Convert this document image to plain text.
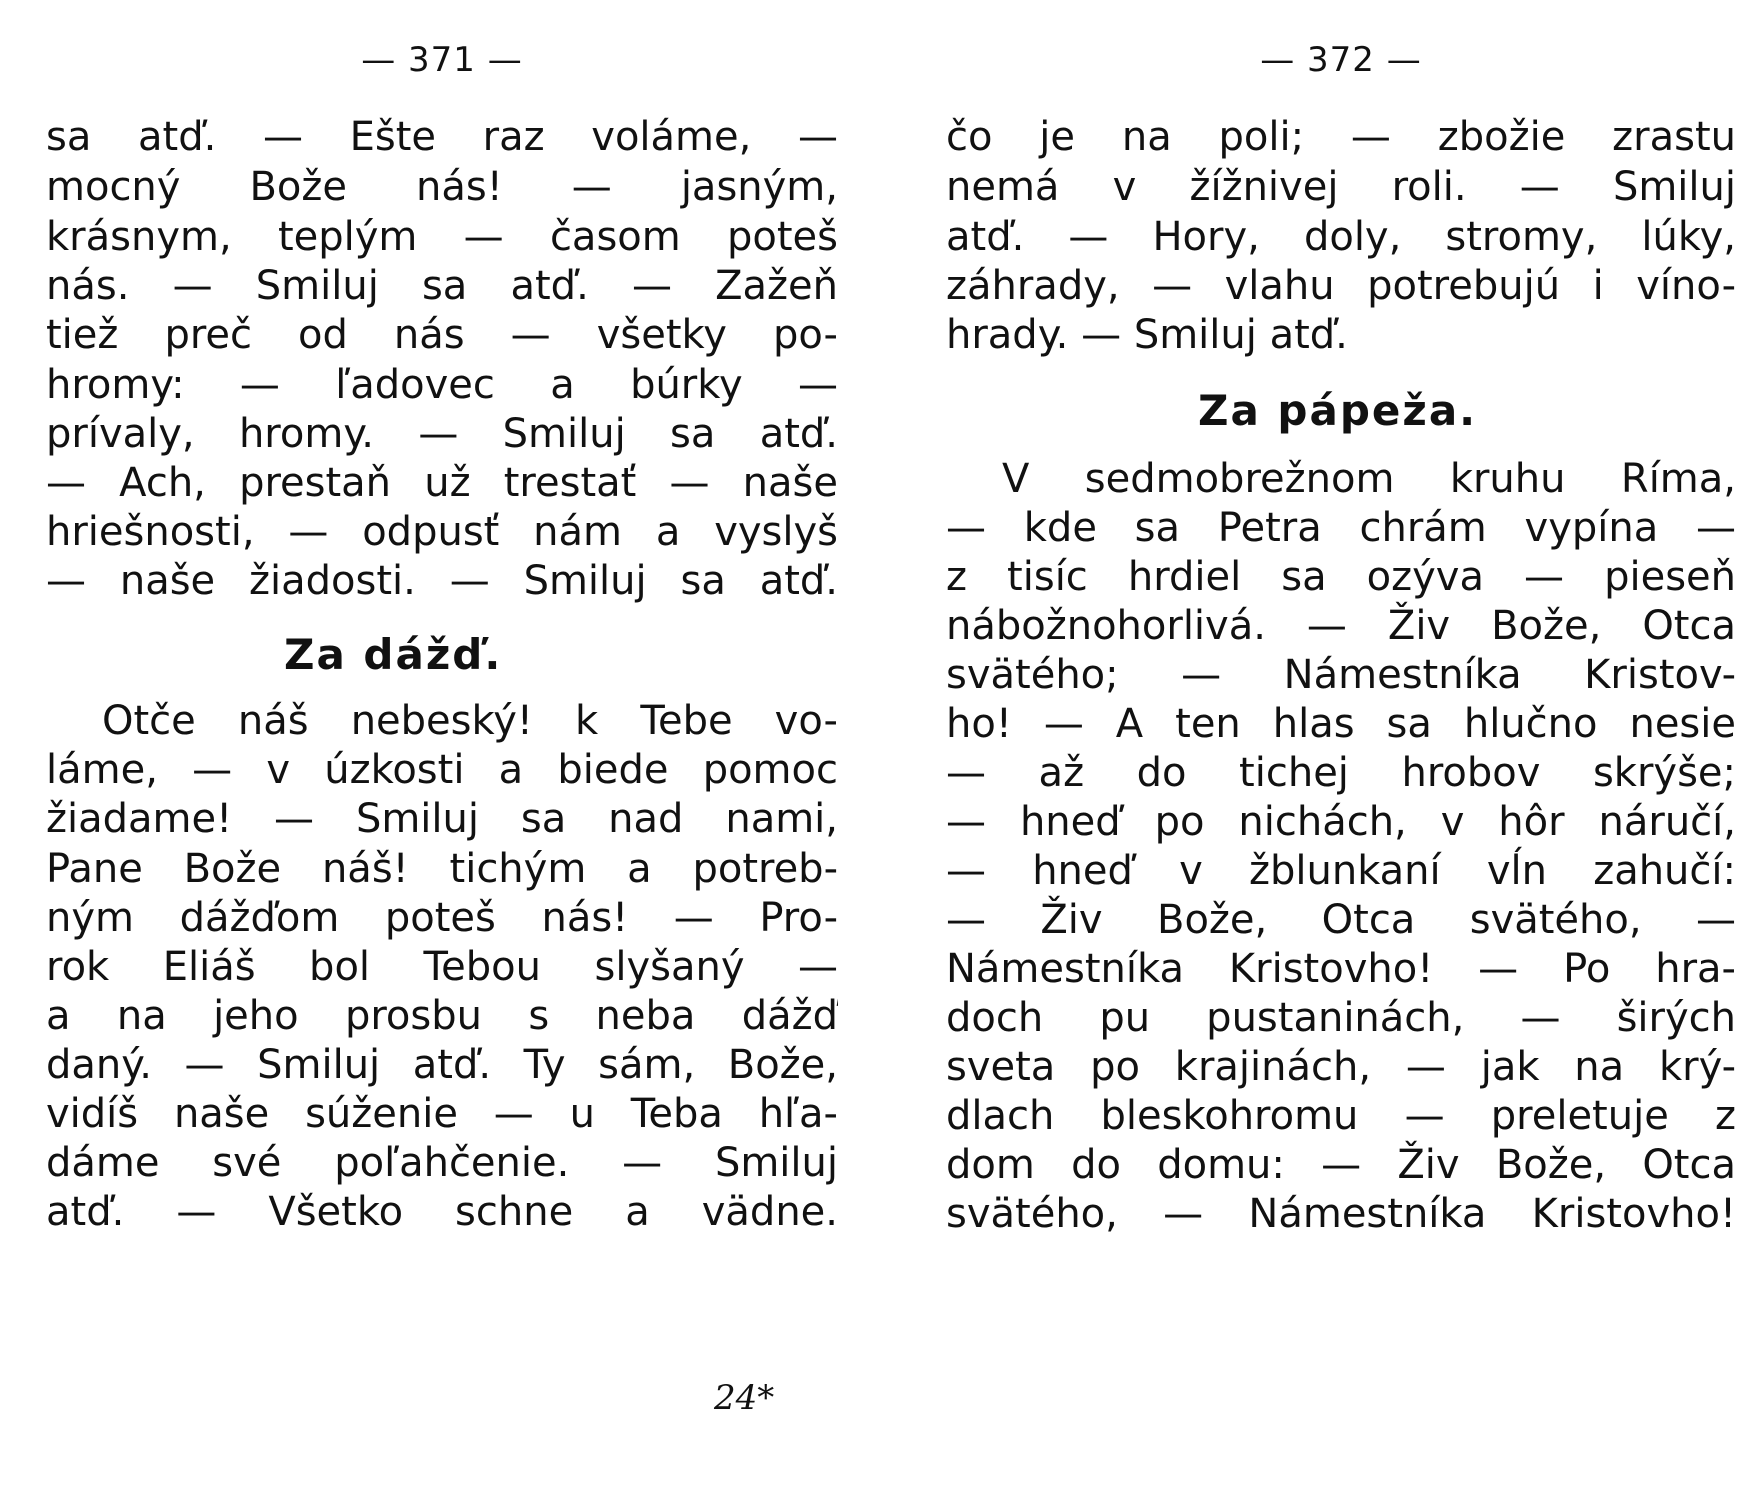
— 371 —
sa atď. — Ešte raz voláme, —
mocný Bože nás! — jasným,
krásnym, teplým — časom poteš
nás. — Smiluj sa atď. — Zažeň
tiež preč od nás — všetky po-
hromy: — ľadovec a búrky —
prívaly, hromy. — Smiluj sa atď.
— Ach, prestaň už trestať — naše
hriešnosti, — odpusť nám a vyslyš
— naše žiadosti. — Smiluj sa atď.
Za dážď.
Otče náš nebeský! k Tebe vo-
láme, — v úzkosti a biede pomoc
žiadame! — Smiluj sa nad nami,
Pane Bože náš! tichým a potreb-
ným dážďom poteš nás! — Pro-
rok Eliáš bol Tebou slyšaný —
a na jeho prosbu s neba dážď
daný. — Smiluj atď. Ty sám, Bože,
vidíš naše súženie — u Teba hľa-
dáme své poľahčenie. — Smiluj
atď. — Všetko schne a vädne.
24*
— 372 —
čo je na poli; — zbožie zrastu
nemá v žížnivej roli. — Smiluj
atď. — Hory, doly, stromy, lúky,
záhrady, — vlahu potrebujú i víno-
hrady. — Smiluj atď.
Za pápeža.
V sedmobrežnom kruhu Ríma,
— kde sa Petra chrám vypína —
z tisíc hrdiel sa ozýva — pieseň
nábožnohorlivá. — Živ Bože, Otca
svätého; — Námestníka Kristov-
ho! — A ten hlas sa hlučno nesie
— až do tichej hrobov skrýše;
— hneď po nichách, v hôr náručí,
— hneď v žblunkaní vĺn zahučí:
— Živ Bože, Otca svätého, —
Námestníka Kristovho! — Po hra-
doch pu pustaninách, — širých
sveta po krajinách, — jak na krý-
dlach bleskohromu — preletuje z
dom do domu: — Živ Bože, Otca
svätého, — Námestníka Kristovho!
